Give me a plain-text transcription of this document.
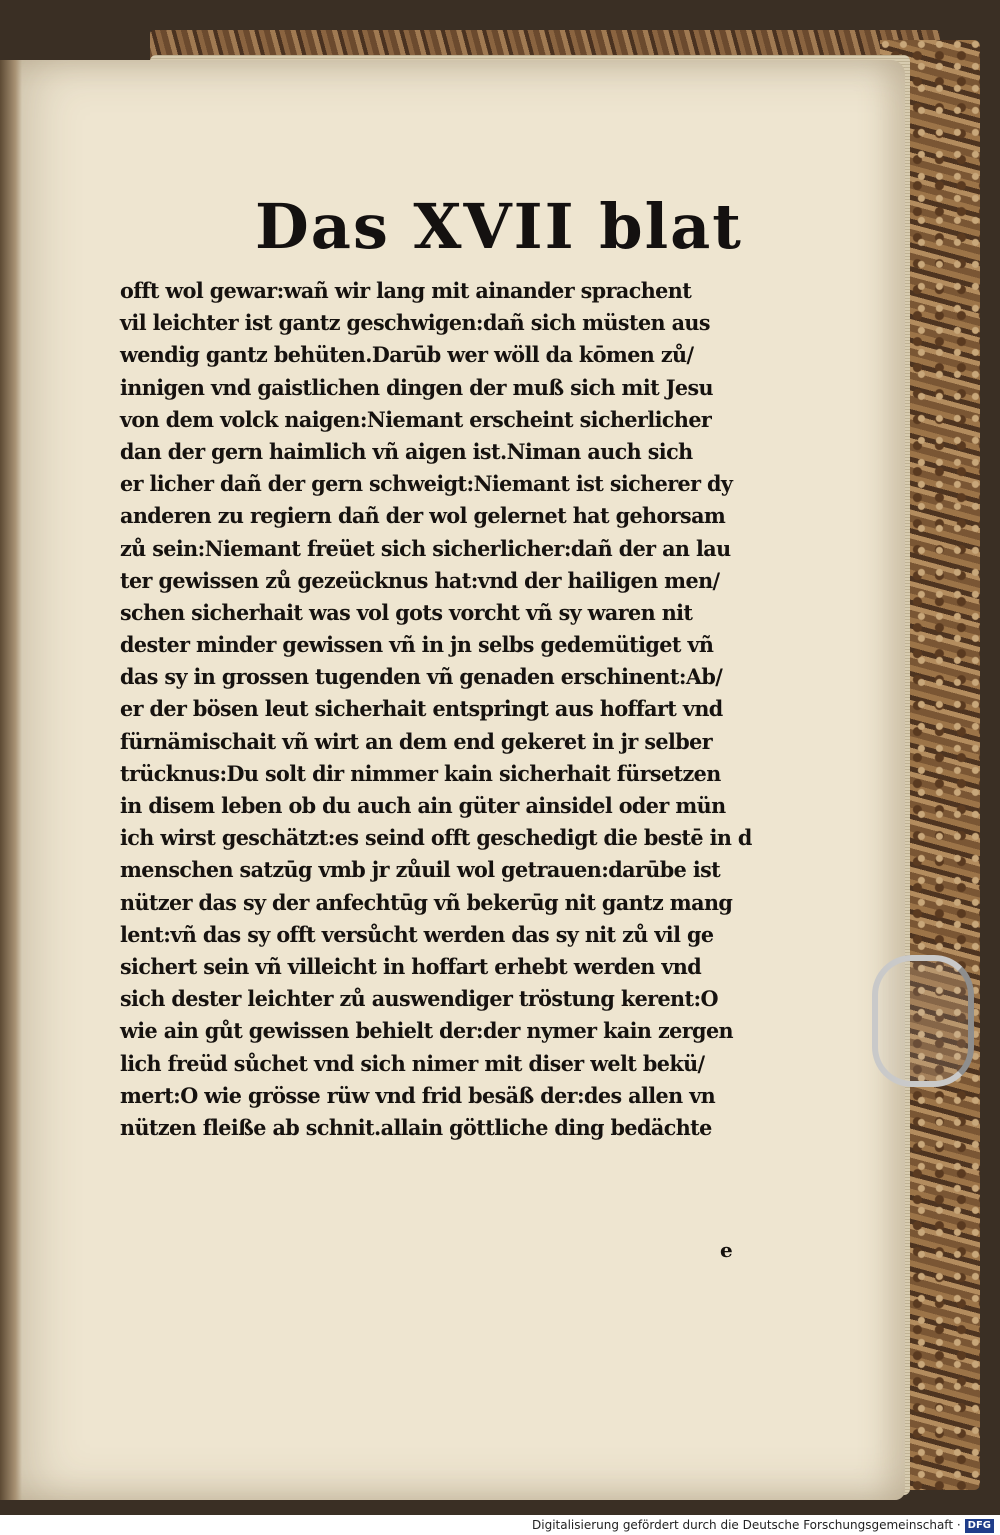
Das XVII blat
offt wol gewar:wañ wir lang mit ainander sprachent
vil leichter ist gantz geschwigen:dañ sich müsten aus
wendig gantz behüten.Darūb wer wöll da kōmen zů/
innigen vnd gaistlichen dingen der muß sich mit Jesu
von dem volck naigen:Niemant erscheint sicherlicher
dan der gern haimlich vñ aigen ist.Niman auch sich
er licher dañ der gern schweigt:Niemant ist sicherer dy
anderen zu regiern dañ der wol gelernet hat gehorsam
zů sein:Niemant freüet sich sicherlicher:dañ der an lau
ter gewissen zů gezeücknus hat:vnd der hailigen men/
schen sicherhait was vol gots vorcht vñ sy waren nit
dester minder gewissen vñ in jn selbs gedemütiget vñ
das sy in grossen tugenden vñ genaden erschinent:Ab/
er der bösen leut sicherhait entspringt aus hoffart vnd
fürnämischait vñ wirt an dem end gekeret in jr selber
trücknus:Du solt dir nimmer kain sicherhait fürsetzen
in disem leben ob du auch ain güter ainsidel oder mün
ich wirst geschätzt:es seind offt geschedigt die bestē in d
menschen satzūg vmb jr zůuil wol getrauen:darūbe ist
nützer das sy der anfechtūg vñ bekerūg nit gantz mang
lent:vñ das sy offt versůcht werden das sy nit zů vil ge
sichert sein vñ villeicht in hoffart erhebt werden vnd
sich dester leichter zů auswendiger tröstung kerent:O
wie ain gůt gewissen behielt der:der nymer kain zergen
lich freüd sůchet vnd sich nimer mit diser welt bekü/
mert:O wie grösse rüw vnd frid besäß der:des allen vn
nützen fleiße ab schnit.allain göttliche ding bedächte
e
Digitalisierung gefördert durch die Deutsche Forschungsgemeinschaft · DFG
